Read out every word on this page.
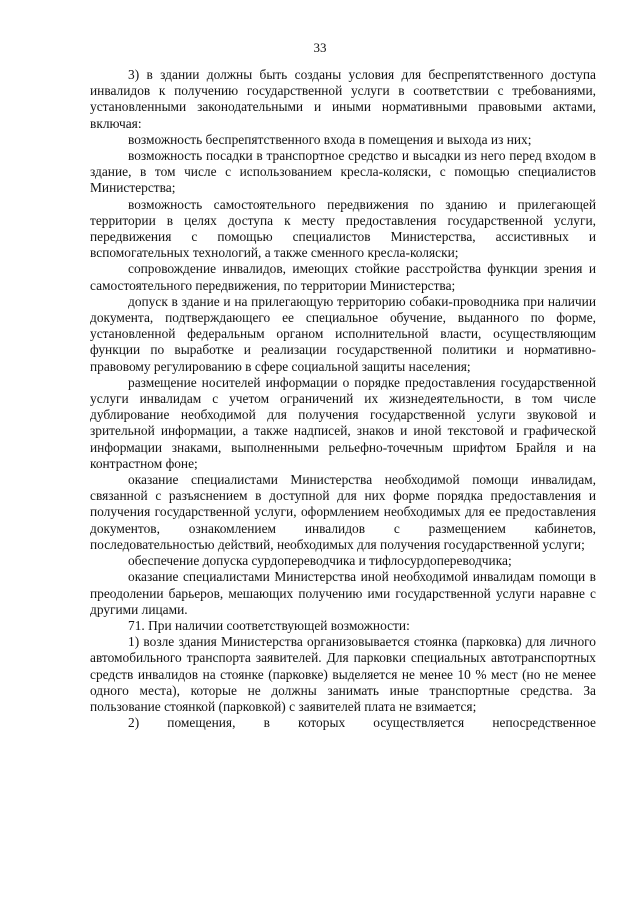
33

3) в здании должны быть созданы условия для беспрепятственного доступа инвалидов к получению государственной услуги в соответствии с требованиями, установленными законодательными и иными нормативными правовыми актами, включая:

возможность беспрепятственного входа в помещения и выхода из них;

возможность посадки в транспортное средство и высадки из него перед входом в здание, в том числе с использованием кресла-коляски, с помощью специалистов Министерства;

возможность самостоятельного передвижения по зданию и прилегающей территории в целях доступа к месту предоставления государственной услуги, передвижения с помощью специалистов Министерства, ассистивных и вспомогательных технологий, а также сменного кресла-коляски;

сопровождение инвалидов, имеющих стойкие расстройства функции зрения и самостоятельного передвижения, по территории Министерства;

допуск в здание и на прилегающую территорию собаки-проводника при наличии документа, подтверждающего ее специальное обучение, выданного по форме, установленной федеральным органом исполнительной власти, осуществляющим функции по выработке и реализации государственной политики и нормативно-правовому регулированию в сфере социальной защиты населения;

размещение носителей информации о порядке предоставления государственной услуги инвалидам с учетом ограничений их жизнедеятельности, в том числе дублирование необходимой для получения государственной услуги звуковой и зрительной информации, а также надписей, знаков и иной текстовой и графической информации знаками, выполненными рельефно-точечным шрифтом Брайля и на контрастном фоне;

оказание специалистами Министерства необходимой помощи инвалидам, связанной с разъяснением в доступной для них форме порядка предоставления и получения государственной услуги, оформлением необходимых для ее предоставления документов, ознакомлением инвалидов с размещением кабинетов, последовательностью действий, необходимых для получения государственной услуги;

обеспечение допуска сурдопереводчика и тифлосурдопереводчика;

оказание специалистами Министерства иной необходимой инвалидам помощи в преодолении барьеров, мешающих получению ими государственной услуги наравне с другими лицами.

71. При наличии соответствующей возможности:

1) возле здания Министерства организовывается стоянка (парковка) для личного автомобильного транспорта заявителей. Для парковки специальных автотранспортных средств инвалидов на стоянке (парковке) выделяется не менее 10 % мест (но не менее одного места), которые не должны занимать иные транспортные средства. За пользование стоянкой (парковкой) с заявителей плата не взимается;

2) помещения, в которых осуществляется непосредственное
